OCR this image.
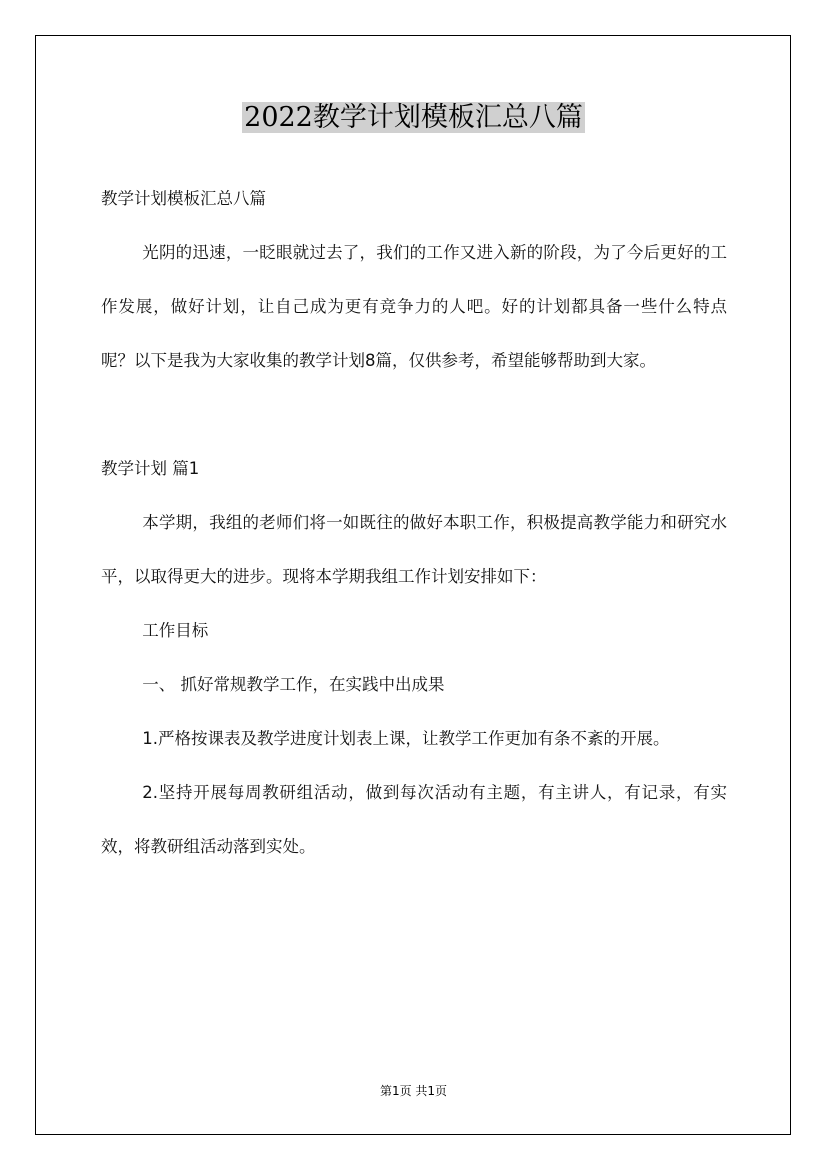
2022教学计划模板汇总八篇

教学计划模板汇总八篇

光阴的迅速，一眨眼就过去了，我们的工作又进入新的阶段，为了今后更好的工作发展，做好计划，让自己成为更有竞争力的人吧。好的计划都具备一些什么特点呢？以下是我为大家收集的教学计划8篇，仅供参考，希望能够帮助到大家。

教学计划 篇1

本学期，我组的老师们将一如既往的做好本职工作，积极提高教学能力和研究水平，以取得更大的进步。现将本学期我组工作计划安排如下：

工作目标

一、 抓好常规教学工作，在实践中出成果

1.严格按课表及教学进度计划表上课，让教学工作更加有条不紊的开展。

2.坚持开展每周教研组活动，做到每次活动有主题，有主讲人，有记录，有实效，将教研组活动落到实处。

第1页 共1页
